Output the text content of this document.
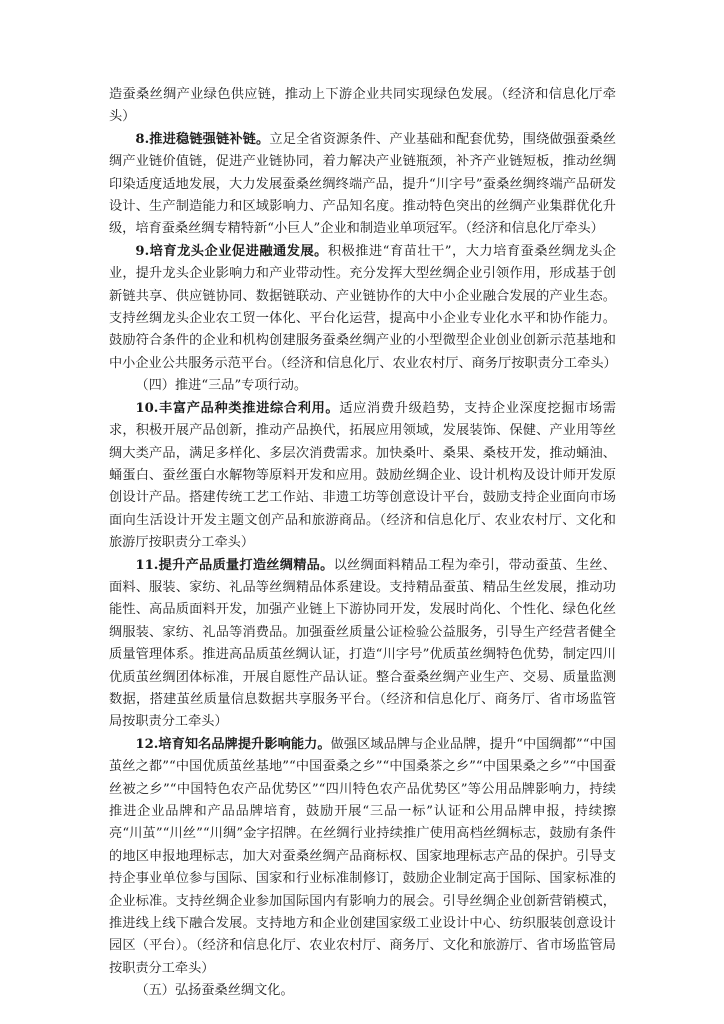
造蚕桑丝绸产业绿色供应链，推动上下游企业共同实现绿色发展。（经济和信息化厅牵头）

8.推进稳链强链补链。立足全省资源条件、产业基础和配套优势，围绕做强蚕桑丝绸产业链价值链，促进产业链协同，着力解决产业链瓶颈，补齐产业链短板，推动丝绸印染适度适地发展，大力发展蚕桑丝绸终端产品，提升“川字号”蚕桑丝绸终端产品研发设计、生产制造能力和区域影响力、产品知名度。推动特色突出的丝绸产业集群优化升级，培育蚕桑丝绸专精特新“小巨人”企业和制造业单项冠军。（经济和信息化厅牵头）

9.培育龙头企业促进融通发展。积极推进“育苗壮干”，大力培育蚕桑丝绸龙头企业，提升龙头企业影响力和产业带动性。充分发挥大型丝绸企业引领作用，形成基于创新链共享、供应链协同、数据链联动、产业链协作的大中小企业融合发展的产业生态。支持丝绸龙头企业农工贸一体化、平台化运营，提高中小企业专业化水平和协作能力。鼓励符合条件的企业和机构创建服务蚕桑丝绸产业的小型微型企业创业创新示范基地和中小企业公共服务示范平台。（经济和信息化厅、农业农村厅、商务厅按职责分工牵头）

（四）推进“三品”专项行动。

10.丰富产品种类推进综合利用。适应消费升级趋势，支持企业深度挖掘市场需求，积极开展产品创新，推动产品换代，拓展应用领域，发展装饰、保健、产业用等丝绸大类产品，满足多样化、多层次消费需求。加快桑叶、桑果、桑枝开发，推动蛹油、蛹蛋白、蚕丝蛋白水解物等原料开发和应用。鼓励丝绸企业、设计机构及设计师开发原创设计产品。搭建传统工艺工作站、非遗工坊等创意设计平台，鼓励支持企业面向市场面向生活设计开发主题文创产品和旅游商品。（经济和信息化厅、农业农村厅、文化和旅游厅按职责分工牵头）

11.提升产品质量打造丝绸精品。以丝绸面料精品工程为牵引，带动蚕茧、生丝、面料、服装、家纺、礼品等丝绸精品体系建设。支持精品蚕茧、精品生丝发展，推动功能性、高品质面料开发，加强产业链上下游协同开发，发展时尚化、个性化、绿色化丝绸服装、家纺、礼品等消费品。加强蚕丝质量公证检验公益服务，引导生产经营者健全质量管理体系。推进高品质茧丝绸认证，打造“川字号”优质茧丝绸特色优势，制定四川优质茧丝绸团体标准，开展自愿性产品认证。整合蚕桑丝绸产业生产、交易、质量监测数据，搭建茧丝质量信息数据共享服务平台。（经济和信息化厅、商务厅、省市场监管局按职责分工牵头）

12.培育知名品牌提升影响能力。做强区域品牌与企业品牌，提升“中国绸都”“中国茧丝之都”“中国优质茧丝基地”“中国蚕桑之乡”“中国桑茶之乡”“中国果桑之乡”“中国蚕丝被之乡”“中国特色农产品优势区”“四川特色农产品优势区”等公用品牌影响力，持续推进企业品牌和产品品牌培育，鼓励开展“三品一标”认证和公用品牌申报，持续擦亮“川茧”“川丝”“川绸”金字招牌。在丝绸行业持续推广使用高档丝绸标志，鼓励有条件的地区申报地理标志，加大对蚕桑丝绸产品商标权、国家地理标志产品的保护。引导支持企事业单位参与国际、国家和行业标准制修订，鼓励企业制定高于国际、国家标准的企业标准。支持丝绸企业参加国际国内有影响力的展会。引导丝绸企业创新营销模式，推进线上线下融合发展。支持地方和企业创建国家级工业设计中心、纺织服装创意设计园区（平台）。（经济和信息化厅、农业农村厅、商务厅、文化和旅游厅、省市场监管局按职责分工牵头）

（五）弘扬蚕桑丝绸文化。
